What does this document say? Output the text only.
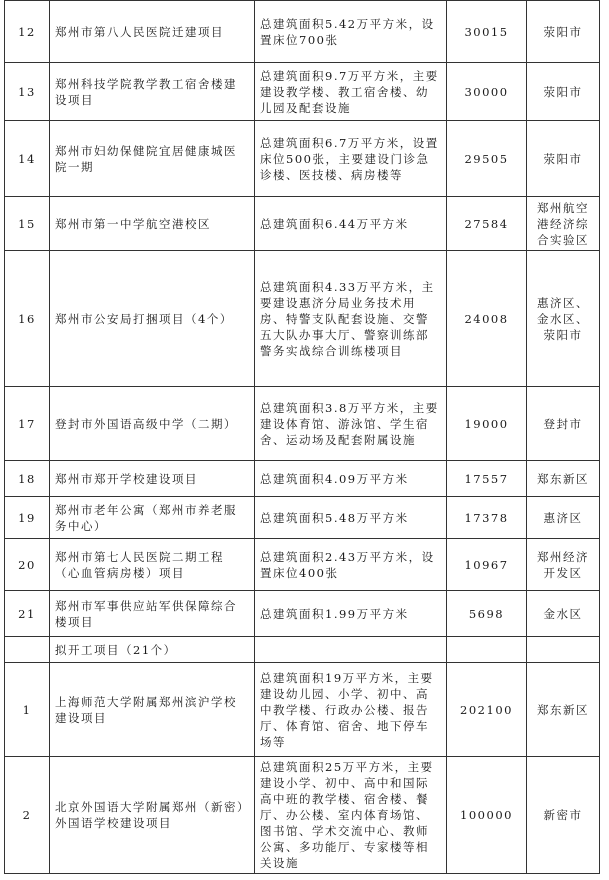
12	郑州市第八人民医院迁建项目	总建筑面积5.42万平方米，设置床位700张	30015	荥阳市
13	郑州科技学院教学教工宿舍楼建设项目	总建筑面积9.7万平方米，主要建设教学楼、教工宿舍楼、幼儿园及配套设施	30000	荥阳市
14	郑州市妇幼保健院宜居健康城医院一期	总建筑面积6.7万平方米，设置床位500张，主要建设门诊急诊楼、医技楼、病房楼等	29505	荥阳市
15	郑州市第一中学航空港校区	总建筑面积6.44万平方米	27584	郑州航空港经济综合实验区
16	郑州市公安局打捆项目（4个）	总建筑面积4.33万平方米，主要建设惠济分局业务技术用房、特警支队配套设施、交警五大队办事大厅、警察训练部警务实战综合训练楼项目	24008	惠济区、金水区、荥阳市
17	登封市外国语高级中学（二期）	总建筑面积3.8万平方米，主要建设体育馆、游泳馆、学生宿舍、运动场及配套附属设施	19000	登封市
18	郑州市郑开学校建设项目	总建筑面积4.09万平方米	17557	郑东新区
19	郑州市老年公寓（郑州市养老服务中心）	总建筑面积5.48万平方米	17378	惠济区
20	郑州市第七人民医院二期工程（心血管病房楼）项目	总建筑面积2.43万平方米，设置床位400张	10967	郑州经济开发区
21	郑州市军事供应站军供保障综合楼项目	总建筑面积1.99万平方米	5698	金水区
	拟开工项目（21个）			
1	上海师范大学附属郑州滨沪学校建设项目	总建筑面积19万平方米，主要建设幼儿园、小学、初中、高中教学楼、行政办公楼、报告厅、体育馆、宿舍、地下停车场等	202100	郑东新区
2	北京外国语大学附属郑州（新密）外国语学校建设项目	总建筑面积25万平方米，主要建设小学、初中、高中和国际高中班的教学楼、宿舍楼、餐厅、办公楼、室内体育场馆、图书馆、学术交流中心、教师公寓、多功能厅、专家楼等相关设施	100000	新密市
